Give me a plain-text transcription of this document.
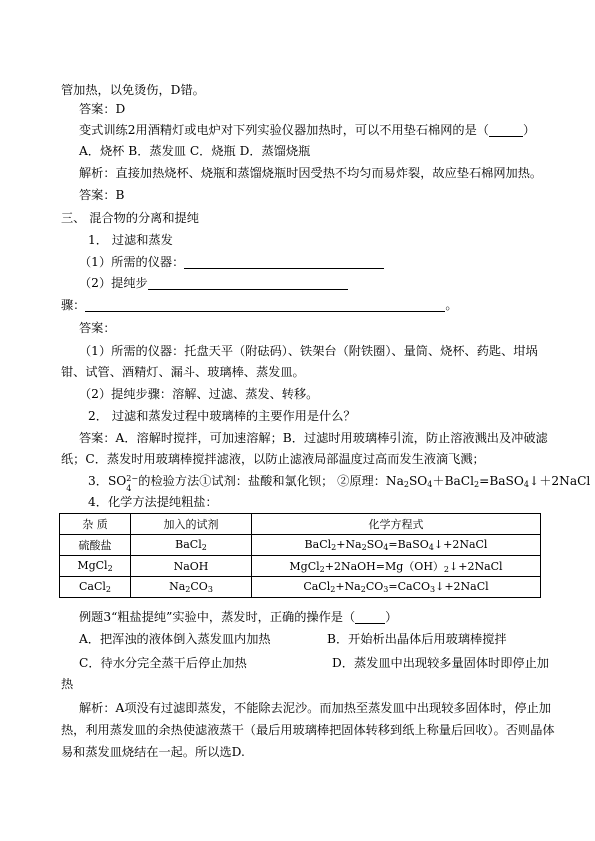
管加热，以免烫伤，D错。
答案：D
变式训练2用酒精灯或电炉对下列实验仪器加热时，可以不用垫石棉网的是（	）
A．烧杯 B．蒸发皿 C．烧瓶 D．蒸馏烧瓶
解析：直接加热烧杯、烧瓶和蒸馏烧瓶时因受热不均匀而易炸裂，故应垫石棉网加热。
答案：B
三、 混合物的分离和提纯
1． 过滤和蒸发
（1）所需的仪器：
（2）提纯步
骤：	。
答案：
（1）所需的仪器：托盘天平（附砝码）、铁架台（附铁圈）、量筒、烧杯、药匙、坩埚
钳、试管、酒精灯、漏斗、玻璃棒、蒸发皿。
（2）提纯步骤：溶解、过滤、蒸发、转移。
2． 过滤和蒸发过程中玻璃棒的主要作用是什么？
答案：A．溶解时搅拌，可加速溶解；B．过滤时用玻璃棒引流，防止溶液溅出及冲破滤
纸；C．蒸发时用玻璃棒搅拌滤液，以防止滤液局部温度过高而发生液滴飞溅；
3．SO 2−
4
的检验方法①试剂：盐酸和氯化钡； ②原理：$Na_2SO_4+BaCl_2=BaSO_4↓+2NaCl$
4．化学方法提纯粗盐：
杂 质	加入的试剂	化学方程式
硫酸盐	BaCl$_2$	$BaCl_2+Na_2SO_4=BaSO_4↓+2NaCl$
MgCl$_2$	NaOH	$MgCl_2+2NaOH=Mg(OH)_2↓+2NaCl$
CaCl$_2$	$Na_2CO_3$	$CaCl_2+Na_2CO_3=CaCO_3↓+2NaCl$
例题3“粗盐提纯”实验中，蒸发时，正确的操作是（ ）
A．把浑浊的液体倒入蒸发皿内加热	B．开始析出晶体后用玻璃棒搅拌
C．待水分完全蒸干后停止加热	D．蒸发皿中出现较多量固体时即停止加
热
解析：A项没有过滤即蒸发，不能除去泥沙。而加热至蒸发皿中出现较多固体时，停止加
热，利用蒸发皿的余热使滤液蒸干（最后用玻璃棒把固体转移到纸上称量后回收）。否则晶体
易和蒸发皿烧结在一起。所以选D.
